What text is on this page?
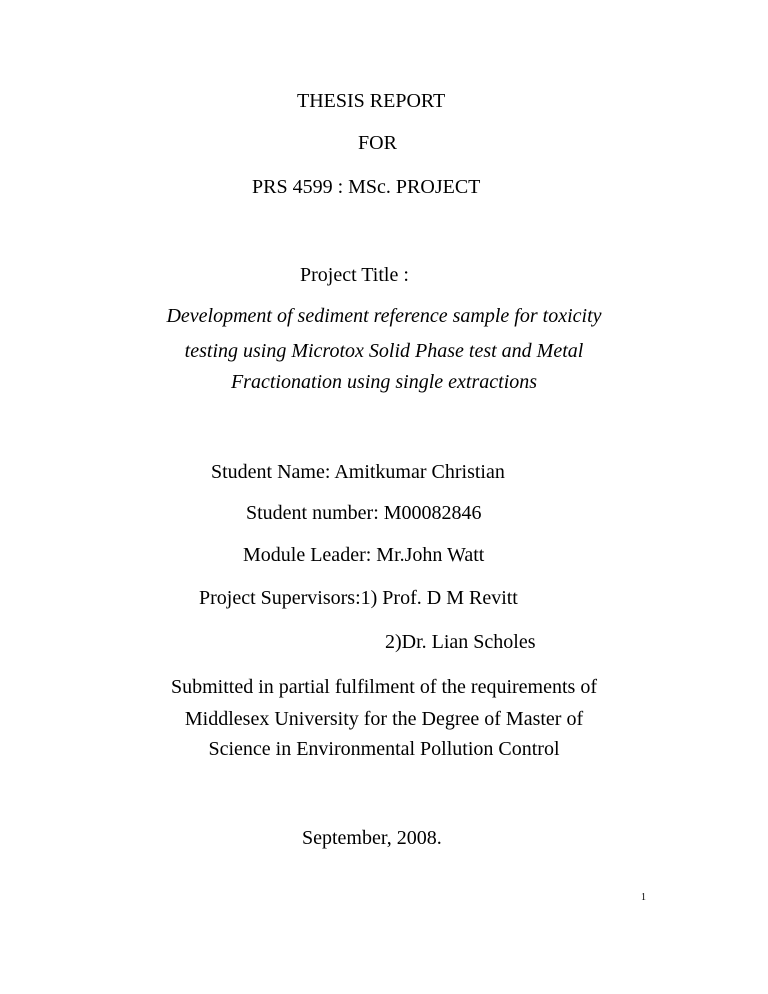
THESIS REPORT
FOR
PRS 4599 : MSc. PROJECT
Project Title :
Development of sediment reference sample for toxicity
testing using Microtox Solid Phase test and Metal
Fractionation using single extractions
Student Name: Amitkumar Christian
Student number: M00082846
Module Leader: Mr.John Watt
Project Supervisors:1) Prof. D M Revitt
2)Dr. Lian Scholes
Submitted in partial fulfilment of the requirements of
Middlesex University for the Degree of Master of
Science in Environmental Pollution Control
September, 2008.
1
